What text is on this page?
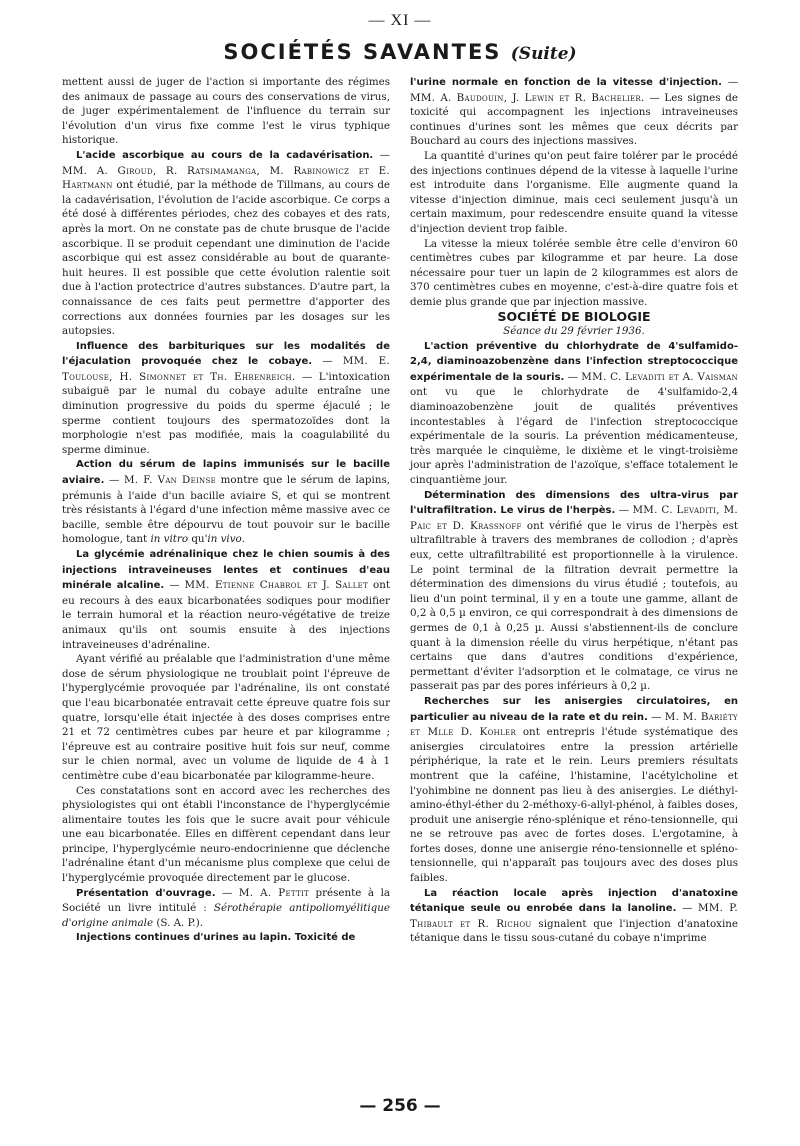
— XI —
SOCIÉTÉS SAVANTES (Suite)

mettent aussi de juger de l'action si importante des régimes des animaux de passage au cours des conservations de virus, de juger expérimentalement de l'influence du terrain sur l'évolution d'un virus fixe comme l'est le virus typhique historique.

L'acide ascorbique au cours de la cadavérisation. — MM. A. Giroud, R. Ratsimamanga, M. Rabinowicz et E. Hartmann ont étudié, par la méthode de Tillmans, au cours de la cadavérisation, l'évolution de l'acide ascorbique. Ce corps a été dosé à différentes périodes, chez des cobayes et des rats, après la mort. On ne constate pas de chute brusque de l'acide ascorbique. Il se produit cependant une diminution de l'acide ascorbique qui est assez considérable au bout de quarante-huit heures. Il est possible que cette évolution ralentie soit due à l'action protectrice d'autres substances. D'autre part, la connaissance de ces faits peut permettre d'apporter des corrections aux données fournies par les dosages sur les autopsies.

Influence des barbituriques sur les modalités de l'éjaculation provoquée chez le cobaye. — MM. E. Toulouse, H. Simonnet et Th. Ehrenreich. — L'intoxication subaiguë par le numal du cobaye adulte entraîne une diminution progressive du poids du sperme éjaculé ; le sperme contient toujours des spermatozoïdes dont la morphologie n'est pas modifiée, mais la coagulabilité du sperme diminue.

Action du sérum de lapins immunisés sur le bacille aviaire. — M. F. Van Deinse montre que le sérum de lapins, prémunis à l'aide d'un bacille aviaire S, et qui se montrent très résistants à l'égard d'une infection même massive avec ce bacille, semble être dépourvu de tout pouvoir sur le bacille homologue, tant in vitro qu'in vivo.

La glycémie adrénalinique chez le chien soumis à des injections intraveineuses lentes et continues d'eau minérale alcaline. — MM. Etienne Chabrol et J. Sallet ont eu recours à des eaux bicarbonatées sodiques pour modifier le terrain humoral et la réaction neuro-végétative de treize animaux qu'ils ont soumis ensuite à des injections intraveineuses d'adrénaline.

Ayant vérifié au préalable que l'administration d'une même dose de sérum physiologique ne troublait point l'épreuve de l'hyperglycémie provoquée par l'adrénaline, ils ont constaté que l'eau bicarbonatée entravait cette épreuve quatre fois sur quatre, lorsqu'elle était injectée à des doses comprises entre 21 et 72 centimètres cubes par heure et par kilogramme ; l'épreuve est au contraire positive huit fois sur neuf, comme sur le chien normal, avec un volume de liquide de 4 à 1 centimètre cube d'eau bicarbonatée par kilogramme-heure.

Ces constatations sont en accord avec les recherches des physiologistes qui ont établi l'inconstance de l'hyperglycémie alimentaire toutes les fois que le sucre avait pour véhicule une eau bicarbonatée. Elles en diffèrent cependant dans leur principe, l'hyperglycémie neuro-endocrinienne que déclenche l'adrénaline étant d'un mécanisme plus complexe que celui de l'hyperglycémie provoquée directement par le glucose.

Présentation d'ouvrage. — M. A. Pettit présente à la Société un livre intitulé : Sérothérapie antipoliomyélitique d'origine animale (S. A. P.).

Injections continues d'urines au lapin. Toxicité de

l'urine normale en fonction de la vitesse d'injection. — MM. A. Baudouin, J. Lewin et R. Bachelier. — Les signes de toxicité qui accompagnent les injections intraveineuses continues d'urines sont les mêmes que ceux décrits par Bouchard au cours des injections massives.

La quantité d'urines qu'on peut faire tolérer par le procédé des injections continues dépend de la vitesse à laquelle l'urine est introduite dans l'organisme. Elle augmente quand la vitesse d'injection diminue, mais ceci seulement jusqu'à un certain maximum, pour redescendre ensuite quand la vitesse d'injection devient trop faible.

La vitesse la mieux tolérée semble être celle d'environ 60 centimètres cubes par kilogramme et par heure. La dose nécessaire pour tuer un lapin de 2 kilogrammes est alors de 370 centimètres cubes en moyenne, c'est-à-dire quatre fois et demie plus grande que par injection massive.

SOCIÉTÉ DE BIOLOGIE

Séance du 29 février 1936.

L'action préventive du chlorhydrate de 4'sulfamido-2,4, diaminoazobenzène dans l'infection streptococcique expérimentale de la souris. — MM. C. Levaditi et A. Vaisman ont vu que le chlorhydrate de 4'sulfamido-2,4 diaminoazobenzène jouit de qualités préventives incontestables à l'égard de l'infection streptococcique expérimentale de la souris. La prévention médicamenteuse, très marquée le cinquième, le dixième et le vingt-troisième jour après l'administration de l'azoïque, s'efface totalement le cinquantième jour.

Détermination des dimensions des ultra-virus par l'ultrafiltration. Le virus de l'herpès. — MM. C. Levaditi, M. Paic et D. Krassnoff ont vérifié que le virus de l'herpès est ultrafiltrable à travers des membranes de collodion ; d'après eux, cette ultrafiltrabilité est proportionnelle à la virulence. Le point terminal de la filtration devrait permettre la détermination des dimensions du virus étudié ; toutefois, au lieu d'un point terminal, il y en a toute une gamme, allant de 0,2 à 0,5 µ environ, ce qui correspondrait à des dimensions de germes de 0,1 à 0,25 µ. Aussi s'abstiennent-ils de conclure quant à la dimension réelle du virus herpétique, n'étant pas certains que dans d'autres conditions d'expérience, permettant d'éviter l'adsorption et le colmatage, ce virus ne passerait pas par des pores inférieurs à 0,2 µ.

Recherches sur les anisergies circulatoires, en particulier au niveau de la rate et du rein. — M. M. Bariéty et Mlle D. Kohler ont entrepris l'étude systématique des anisergies circulatoires entre la pression artérielle périphérique, la rate et le rein. Leurs premiers résultats montrent que la caféine, l'histamine, l'acétylcholine et l'yohimbine ne donnent pas lieu à des anisergies. Le diéthyl-amino-éthyl-éther du 2-méthoxy-6-allyl-phénol, à faibles doses, produit une anisergie réno-splénique et réno-tensionnelle, qui ne se retrouve pas avec de fortes doses. L'ergotamine, à fortes doses, donne une anisergie réno-tensionnelle et spléno-tensionnelle, qui n'apparaît pas toujours avec des doses plus faibles.

La réaction locale après injection d'anatoxine tétanique seule ou enrobée dans la lanoline. — MM. P. Thibault et R. Richou signalent que l'injection d'anatoxine tétanique dans le tissu sous-cutané du cobaye n'imprime

— 256 —
